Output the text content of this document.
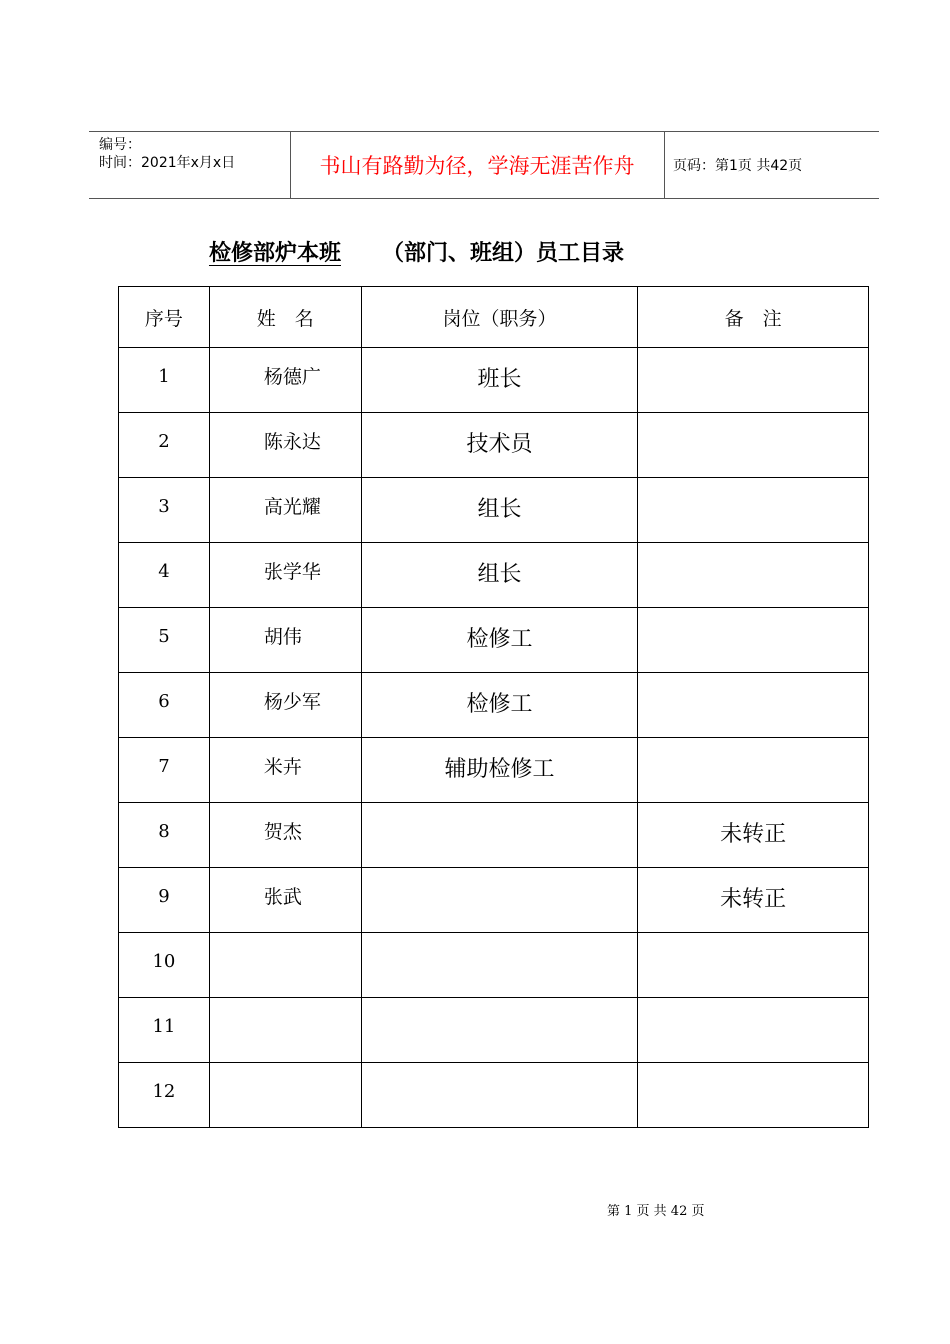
编号：
时间：2021年x月x日	书山有路勤为径，学海无涯苦作舟	页码：第1页 共42页
检修部炉本班 （部门、班组）员工目录
序号	姓　名	岗位（职务）	备　注

1	杨德广	班长	

2	陈永达	技术员	

3	高光耀	组长	

4	张学华	组长	

5	胡伟	检修工	

6	杨少军	检修工	

7	米卉	辅助检修工	

8	贺杰		未转正

9	张武		未转正

10			

11			

12			

第 1 页 共 42 页
